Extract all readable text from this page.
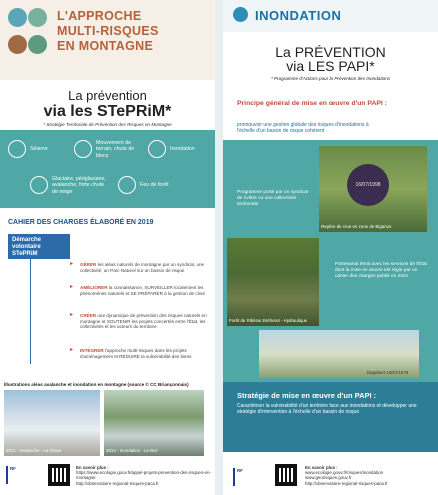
L'APPROCHE
MULTI-RISQUES
EN MONTAGNE
La prévention
via les STePRiM*
* Stratégie Territoriale de Prévention des Risques en Montagne
Séisme
Mouvement de terrain, chute de blocs
Inondation
Glaciaire, périglaciaire, avalanche, forte chute de neige
Feu de forêt
CAHIER DES CHARGES ÉLABORÉ EN 2019
Démarche volontaire STePRiM
▸ GÉRER les aléas naturels de montagne par un syndicat, une collectivité, un Parc Naturel sur un bassin de risque
▸ AMÉLIORER la connaissance, SURVEILLER localement les phénomènes naturels et SE PRÉPARER à la gestion de crise
▸ CRÉER une dynamique de prévention des risques naturels en montagne et SOUTENIR les projets concertés entre l'État, les collectivités et les acteurs du territoire
▸ INTÉGRER l'approche multi-risques dans les projets d'aménagement et RÉDUIRE la vulnérabilité des biens
Illustrations aléas avalanche et inondation en montagne (source © CC Briançonnais)
2011 - Avalanche - La Grave	2013 - Inondation - Le Bez
RF	En savoir plus :
https://www.ecologie.gouv.fr/appel-projets-prevention-des-risques-en-montagne
http://observatoire-regional-risques-paca.fr
INONDATION
La PRÉVENTION
via LES PAPI*
* Programme d'Actions pour la Prévention des Inondations
Principe général de mise en œuvre d'un PAPI :
promouvoir une gestion globale des risques d'inondations à l'échelle d'un bassin de risque cohérent
Programme porté par un syndicat de rivière ou une collectivité territoriale
16/07/1998
Repère de crue en zone de Biganos
Forêt de Ribérac Bréheret - Hydraulique
Partenariat étroit avec les services de l'État dont la mise en œuvre est régie par un cahier des charges publié en 2021
Dagobert 16/07/1978
Stratégie de mise en œuvre d'un PAPI :
Caractériser la vulnérabilité d'un territoire face aux inondations et développer une stratégie d'intervention à l'échelle d'un bassin de risque
RF
En savoir plus :
www.ecologie.gouv.fr/risques/inondation
www.georisques.gouv.fr
http://observatoire-regional-risques-paca.fr
